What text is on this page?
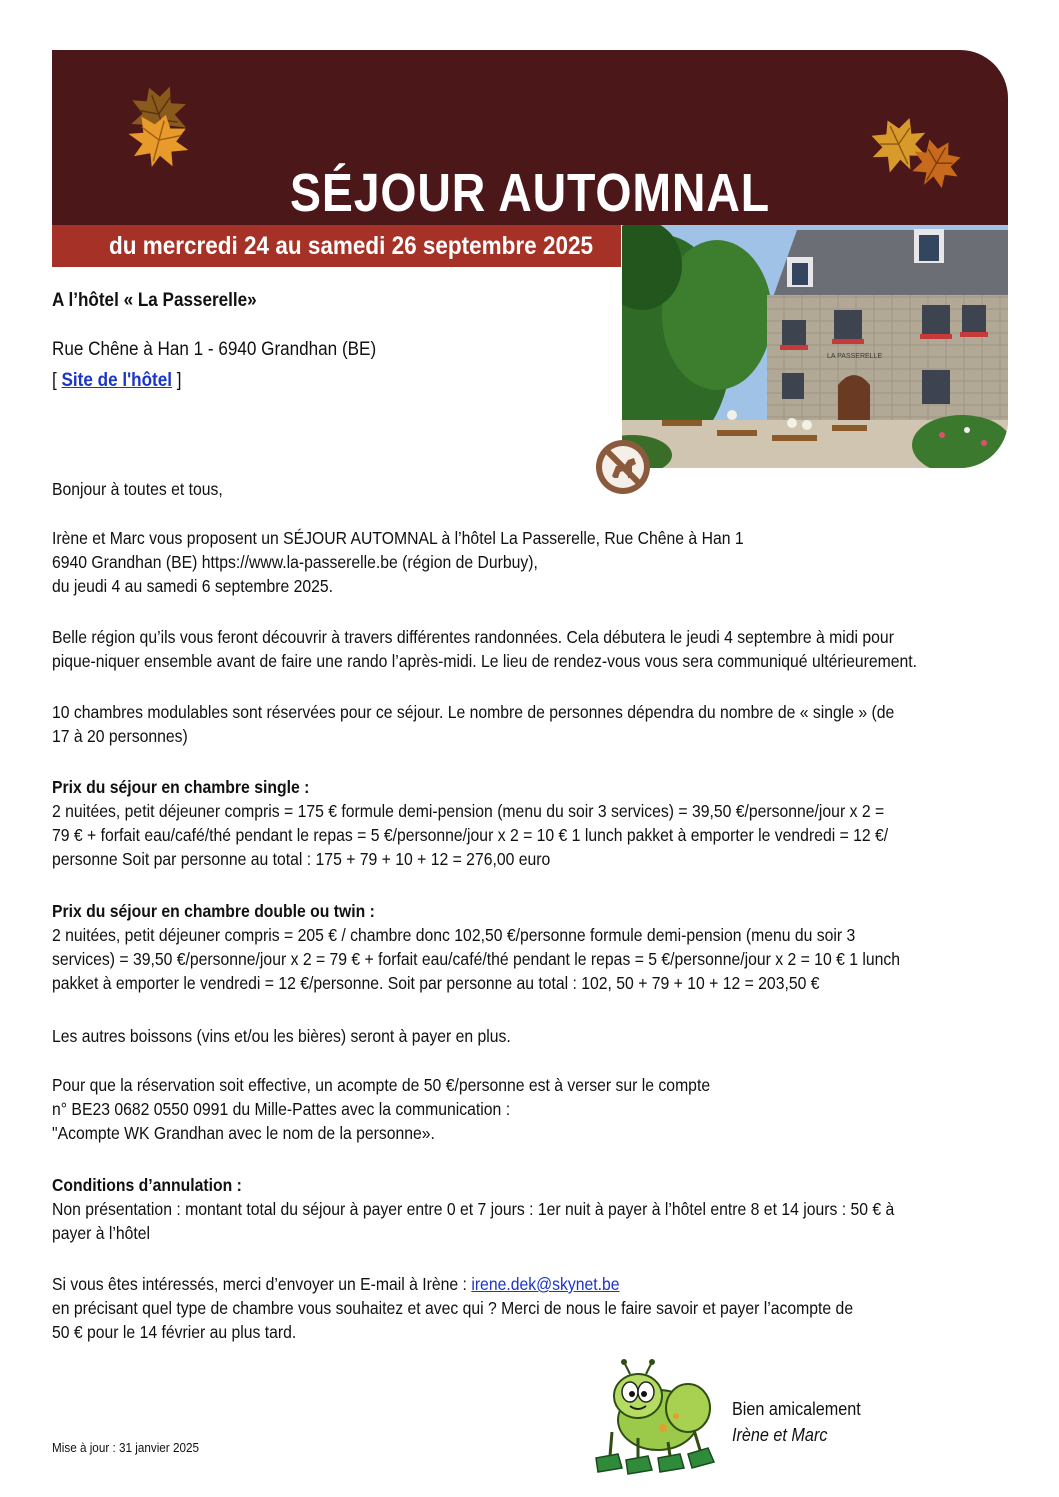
SÉJOUR AUTOMNAL
du mercredi 24 au samedi 26 septembre 2025
LA PASSERELLE
A l’hôtel « La Passerelle»
Rue Chêne à Han 1 - 6940 Grandhan (BE)
[ Site de l'hôtel ]
Bonjour à toutes et tous,
Irène et Marc vous proposent un SÉJOUR AUTOMNAL à l’hôtel La Passerelle, Rue Chêne à Han 1
6940 Grandhan (BE) https://www.la-passerelle.be (région de Durbuy),
du jeudi 4 au samedi 6 septembre 2025.
Belle région qu’ils vous feront découvrir à travers différentes randonnées. Cela débutera le jeudi 4 septembre à midi pour
pique-niquer ensemble avant de faire une rando l’après-midi. Le lieu de rendez-vous vous sera communiqué ultérieurement.
10 chambres modulables sont réservées pour ce séjour. Le nombre de personnes dépendra du nombre de « single » (de
17 à 20 personnes)
Prix du séjour en chambre single :
2 nuitées, petit déjeuner compris = 175 € formule demi-pension (menu du soir 3 services) = 39,50 €/personne/jour x 2 =
79 € + forfait eau/café/thé pendant le repas = 5 €/personne/jour x 2 = 10 € 1 lunch pakket à emporter le vendredi = 12 €/
personne Soit par personne au total : 175 + 79 + 10 + 12 = 276,00 euro
Prix du séjour en chambre double ou twin :
2 nuitées, petit déjeuner compris = 205 € / chambre donc 102,50 €/personne formule demi-pension (menu du soir 3
services) = 39,50 €/personne/jour x 2 = 79 € + forfait eau/café/thé pendant le repas = 5 €/personne/jour x 2 = 10 € 1 lunch
pakket à emporter le vendredi = 12 €/personne. Soit par personne au total : 102, 50 + 79 + 10 + 12 = 203,50 €
Les autres boissons (vins et/ou les bières) seront à payer en plus.
Pour que la réservation soit effective, un acompte de 50 €/personne est à verser sur le compte
n° BE23 0682 0550 0991 du Mille-Pattes avec la communication :
"Acompte WK Grandhan avec le nom de la personne».
Conditions d’annulation :
Non présentation : montant total du séjour à payer entre 0 et 7 jours : 1er nuit à payer à l’hôtel entre 8 et 14 jours : 50 € à
payer à l’hôtel
Si vous êtes intéressés, merci d’envoyer un E-mail à Irène : irene.dek@skynet.be
en précisant quel type de chambre vous souhaitez et avec qui ? Merci de nous le faire savoir et payer l’acompte de
50 € pour le 14 février au plus tard.
Bien amicalement
Irène et Marc
Mise à jour : 31 janvier 2025
